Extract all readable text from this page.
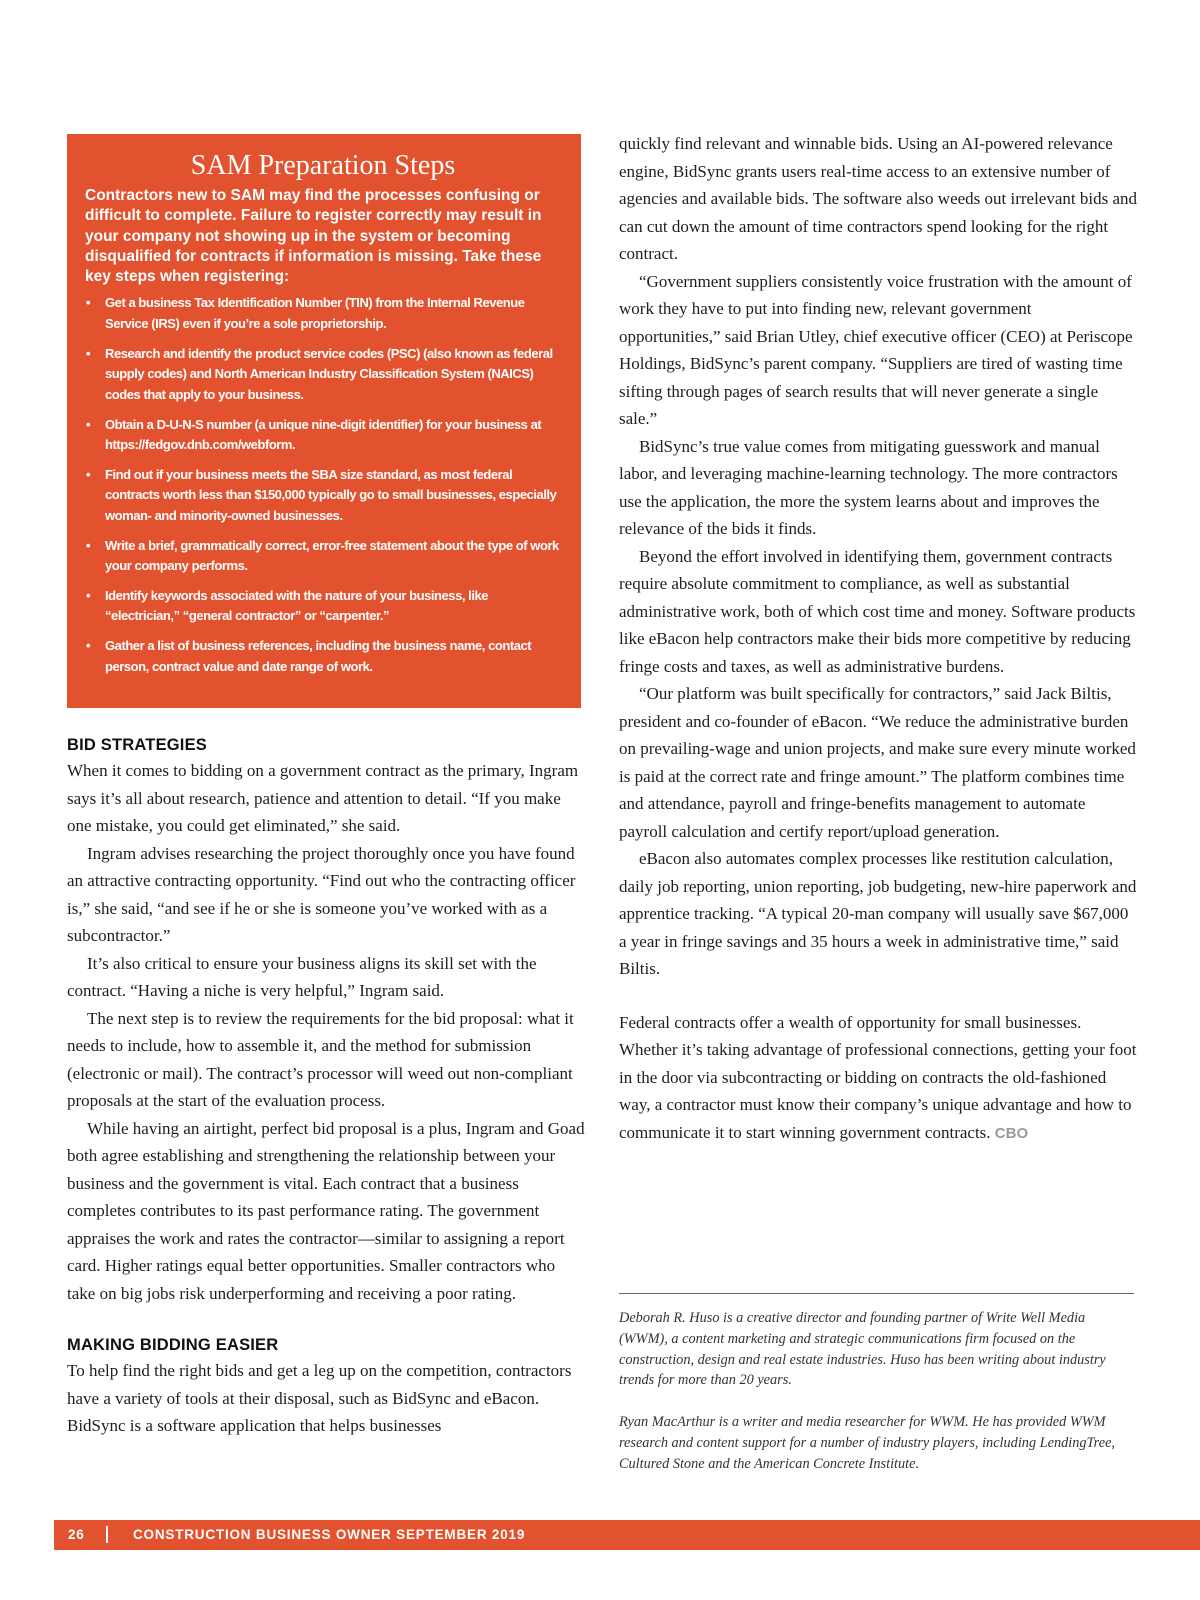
SAM Preparation Steps

Contractors new to SAM may find the processes confusing or difficult to complete. Failure to register correctly may result in your company not showing up in the system or becoming disqualified for contracts if information is missing. Take these key steps when registering:

• Get a business Tax Identification Number (TIN) from the Internal Revenue Service (IRS) even if you’re a sole proprietorship.
• Research and identify the product service codes (PSC) (also known as federal supply codes) and North American Industry Classification System (NAICS) codes that apply to your business.
• Obtain a D-U-N-S number (a unique nine-digit identifier) for your business at https://fedgov.dnb.com/webform.
• Find out if your business meets the SBA size standard, as most federal contracts worth less than $150,000 typically go to small businesses, especially woman- and minority-owned businesses.
• Write a brief, grammatically correct, error-free statement about the type of work your company performs.
• Identify keywords associated with the nature of your business, like “electrician,” “general contractor” or “carpenter.”
• Gather a list of business references, including the business name, contact person, contract value and date range of work.
BID STRATEGIES

When it comes to bidding on a government contract as the primary, Ingram says it’s all about research, patience and attention to detail. “If you make one mistake, you could get eliminated,” she said.

Ingram advises researching the project thoroughly once you have found an attractive contracting opportunity. “Find out who the contracting officer is,” she said, “and see if he or she is someone you’ve worked with as a subcontractor.”

It’s also critical to ensure your business aligns its skill set with the contract. “Having a niche is very helpful,” Ingram said.

The next step is to review the requirements for the bid proposal: what it needs to include, how to assemble it, and the method for submission (electronic or mail). The contract’s processor will weed out non-compliant proposals at the start of the evaluation process.

While having an airtight, perfect bid proposal is a plus, Ingram and Goad both agree establishing and strengthening the relationship between your business and the government is vital. Each contract that a business completes contributes to its past performance rating. The government appraises the work and rates the contractor—similar to assigning a report card. Higher ratings equal better opportunities. Smaller contractors who take on big jobs risk underperforming and receiving a poor rating.

MAKING BIDDING EASIER

To help find the right bids and get a leg up on the competition, contractors have a variety of tools at their disposal, such as BidSync and eBacon. BidSync is a software application that helps businesses

quickly find relevant and winnable bids. Using an AI-powered relevance engine, BidSync grants users real-time access to an extensive number of agencies and available bids. The software also weeds out irrelevant bids and can cut down the amount of time contractors spend looking for the right contract.

“Government suppliers consistently voice frustration with the amount of work they have to put into finding new, relevant government opportunities,” said Brian Utley, chief executive officer (CEO) at Periscope Holdings, BidSync’s parent company. “Suppliers are tired of wasting time sifting through pages of search results that will never generate a single sale.”

BidSync’s true value comes from mitigating guesswork and manual labor, and leveraging machine-learning technology. The more contractors use the application, the more the system learns about and improves the relevance of the bids it finds.

Beyond the effort involved in identifying them, government contracts require absolute commitment to compliance, as well as substantial administrative work, both of which cost time and money. Software products like eBacon help contractors make their bids more competitive by reducing fringe costs and taxes, as well as administrative burdens.

“Our platform was built specifically for contractors,” said Jack Biltis, president and co-founder of eBacon. “We reduce the administrative burden on prevailing-wage and union projects, and make sure every minute worked is paid at the correct rate and fringe amount.” The platform combines time and attendance, payroll and fringe-benefits management to automate payroll calculation and certify report/upload generation.

eBacon also automates complex processes like restitution calculation, daily job reporting, union reporting, job budgeting, new-hire paperwork and apprentice tracking. “A typical 20-man company will usually save $67,000 a year in fringe savings and 35 hours a week in administrative time,” said Biltis.

Federal contracts offer a wealth of opportunity for small businesses. Whether it’s taking advantage of professional connections, getting your foot in the door via subcontracting or bidding on contracts the old-fashioned way, a contractor must know their company’s unique advantage and how to communicate it to start winning government contracts. CBO

Deborah R. Huso is a creative director and founding partner of Write Well Media (WWM), a content marketing and strategic communications firm focused on the construction, design and real estate industries. Huso has been writing about industry trends for more than 20 years.

Ryan MacArthur is a writer and media researcher for WWM. He has provided WWM research and content support for a number of industry players, including LendingTree, Cultured Stone and the American Concrete Institute.

26	CONSTRUCTION BUSINESS OWNER SEPTEMBER 2019
